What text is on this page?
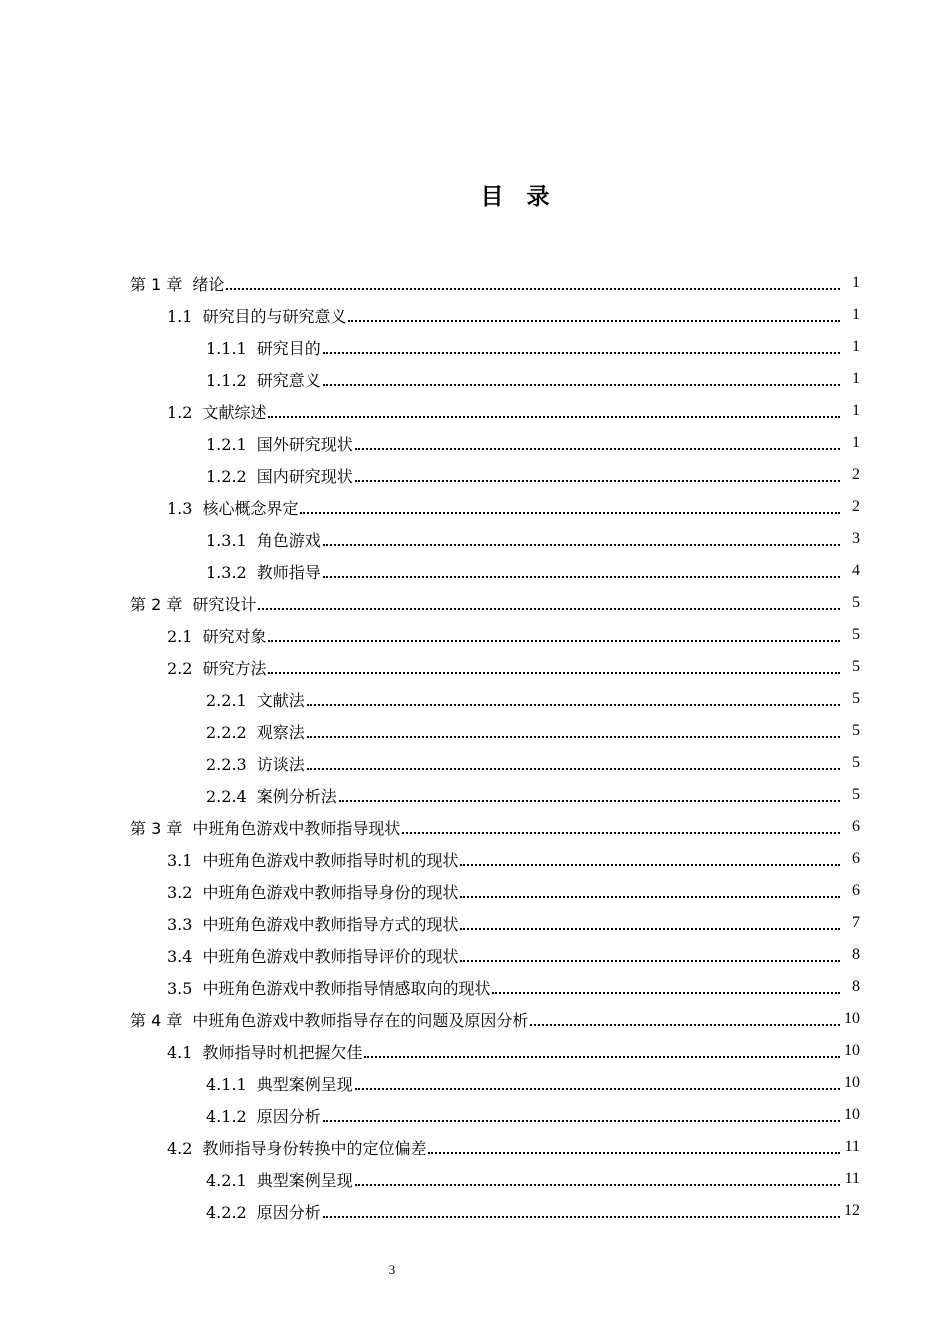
目　录
第 1 章 绪论	1
1.1 研究目的与研究意义	1
1.1.1 研究目的	1
1.1.2 研究意义	1
1.2 文献综述	1
1.2.1 国外研究现状	1
1.2.2 国内研究现状	2
1.3 核心概念界定	2
1.3.1 角色游戏	3
1.3.2 教师指导	4
第 2 章 研究设计	5
2.1 研究对象	5
2.2 研究方法	5
2.2.1 文献法	5
2.2.2 观察法	5
2.2.3 访谈法	5
2.2.4 案例分析法	5
第 3 章 中班角色游戏中教师指导现状	6
3.1 中班角色游戏中教师指导时机的现状	6
3.2 中班角色游戏中教师指导身份的现状	6
3.3 中班角色游戏中教师指导方式的现状	7
3.4 中班角色游戏中教师指导评价的现状	8
3.5 中班角色游戏中教师指导情感取向的现状	8
第 4 章 中班角色游戏中教师指导存在的问题及原因分析	10
4.1 教师指导时机把握欠佳	10
4.1.1 典型案例呈现	10
4.1.2 原因分析	10
4.2 教师指导身份转换中的定位偏差	11
4.2.1 典型案例呈现	11
4.2.2 原因分析	12
3
